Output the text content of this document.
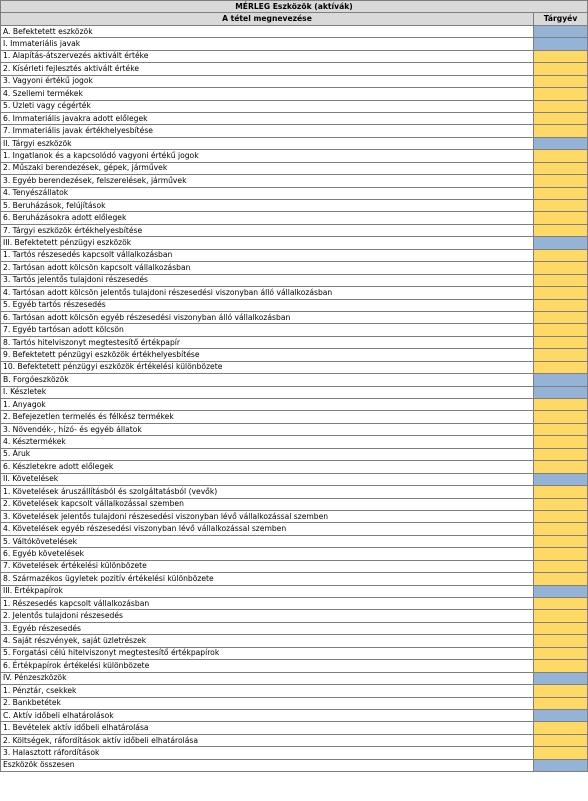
MÉRLEG Eszközök (aktívák)	
A tétel megnevezése	Tárgyév
A. Befektetett eszközök	
I. Immateriális javak	
1. Alapítás-átszervezés aktivált értéke	
2. Kísérleti fejlesztés aktivált értéke	
3. Vagyoni értékű jogok	
4. Szellemi termékek	
5. Üzleti vagy cégérték	
6. Immateriális javakra adott előlegek	
7. Immateriális javak értékhelyesbítése	
II. Tárgyi eszközök	
1. Ingatlanok és a kapcsolódó vagyoni értékű jogok	
2. Műszaki berendezések, gépek, járművek	
3. Egyéb berendezések, felszerelések, járművek	
4. Tenyészállatok	
5. Beruházások, felújítások	
6. Beruházásokra adott előlegek	
7. Tárgyi eszközök értékhelyesbítése	
III. Befektetett pénzügyi eszközök	
1. Tartós részesedés kapcsolt vállalkozásban	
2. Tartósan adott kölcsön kapcsolt vállalkozásban	
3. Tartós jelentős tulajdoni részesedés	
4. Tartósan adott kölcsön jelentős tulajdoni részesedési viszonyban álló vállalkozásban	
5. Egyéb tartós részesedés	
6. Tartósan adott kölcsön egyéb részesedési viszonyban álló vállalkozásban	
7. Egyéb tartósan adott kölcsön	
8. Tartós hitelviszonyt megtestesítő értékpapír	
9. Befektetett pénzügyi eszközök értékhelyesbítése	
10. Befektetett pénzügyi eszközök értékelési különbözete	
B. Forgóeszközök	
I. Készletek	
1. Anyagok	
2. Befejezetlen termelés és félkész termékek	
3. Növendék-, hízó- és egyéb állatok	
4. Késztermékek	
5. Áruk	
6. Készletekre adott előlegek	
II. Követelések	
1. Követelések áruszállításból és szolgáltatásból (vevők)	
2. Követelések kapcsolt vállalkozással szemben	
3. Követelések jelentős tulajdoni részesedési viszonyban lévő vállalkozással szemben	
4. Követelések egyéb részesedési viszonyban lévő vállalkozással szemben	
5. Váltókövetelések	
6. Egyéb követelések	
7. Követelések értékelési különbözete	
8. Származékos ügyletek pozitív értékelési különbözete	
III. Értékpapírok	
1. Részesedés kapcsolt vállalkozásban	
2. Jelentős tulajdoni részesedés	
3. Egyéb részesedés	
4. Saját részvények, saját üzletrészek	
5. Forgatási célú hitelviszonyt megtestesítő értékpapírok	
6. Értékpapírok értékelési különbözete	
IV. Pénzeszközök	
1. Pénztár, csekkek	
2. Bankbetétek	
C. Aktív időbeli elhatárolások	
1. Bevételek aktív időbeli elhatárolása	
2. Költségek, ráfordítások aktív időbeli elhatárolása	
3. Halasztott ráfordítások	
Eszközök összesen	
